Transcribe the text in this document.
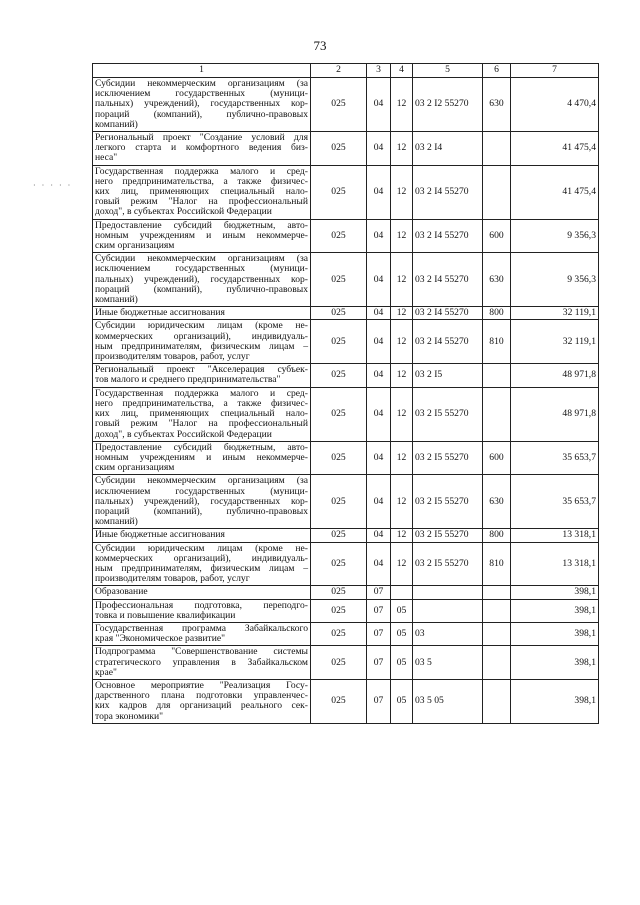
73
· · · · ·
1	2	3	4	5	6	7

Субсидии некоммерческим организациям (за
исключением государственных (муници-
пальных) учреждений), государственных кор-
пораций (компаний), публично-правовых
компаний)	025	04	12	03 2 I2 55270	630	4 470,4

Региональный проект "Создание условий для
легкого старта и комфортного ведения биз-
неса"	025	04	12	03 2 I4		41 475,4

Государственная поддержка малого и сред-
него предпринимательства, а также физичес-
ких лиц, применяющих специальный нало-
говый режим "Налог на профессиональный
доход", в субъектах Российской Федерации	025	04	12	03 2 I4 55270		41 475,4

Предоставление субсидий бюджетным, авто-
номным учреждениям и иным некоммерче-
ским организациям	025	04	12	03 2 I4 55270	600	9 356,3

Субсидии некоммерческим организациям (за
исключением государственных (муници-
пальных) учреждений), государственных кор-
пораций (компаний), публично-правовых
компаний)	025	04	12	03 2 I4 55270	630	9 356,3

Иные бюджетные ассигнования	025	04	12	03 2 I4 55270	800	32 119,1

Субсидии юридическим лицам (кроме не-
коммерческих организаций), индивидуаль-
ным предпринимателям, физическим лицам –
производителям товаров, работ, услуг	025	04	12	03 2 I4 55270	810	32 119,1

Региональный проект "Акселерация субъек-
тов малого и среднего предпринимательства"	025	04	12	03 2 I5		48 971,8

Государственная поддержка малого и сред-
него предпринимательства, а также физичес-
ких лиц, применяющих специальный нало-
говый режим "Налог на профессиональный
доход", в субъектах Российской Федерации	025	04	12	03 2 I5 55270		48 971,8

Предоставление субсидий бюджетным, авто-
номным учреждениям и иным некоммерче-
ским организациям	025	04	12	03 2 I5 55270	600	35 653,7

Субсидии некоммерческим организациям (за
исключением государственных (муници-
пальных) учреждений), государственных кор-
пораций (компаний), публично-правовых
компаний)	025	04	12	03 2 I5 55270	630	35 653,7

Иные бюджетные ассигнования	025	04	12	03 2 I5 55270	800	13 318,1

Субсидии юридическим лицам (кроме не-
коммерческих организаций), индивидуаль-
ным предпринимателям, физическим лицам –
производителям товаров, работ, услуг	025	04	12	03 2 I5 55270	810	13 318,1

Образование	025	07				398,1

Профессиональная подготовка, переподго-
товка и повышение квалификации	025	07	05			398,1

Государственная программа Забайкальского
края "Экономическое развитие"	025	07	05	03		398,1

Подпрограмма "Совершенствование системы
стратегического управления в Забайкальском
крае"	025	07	05	03 5		398,1

Основное мероприятие "Реализация Госу-
дарственного плана подготовки управленчес-
ких кадров для организаций реального сек-
тора экономики"	025	07	05	03 5 05		398,1
